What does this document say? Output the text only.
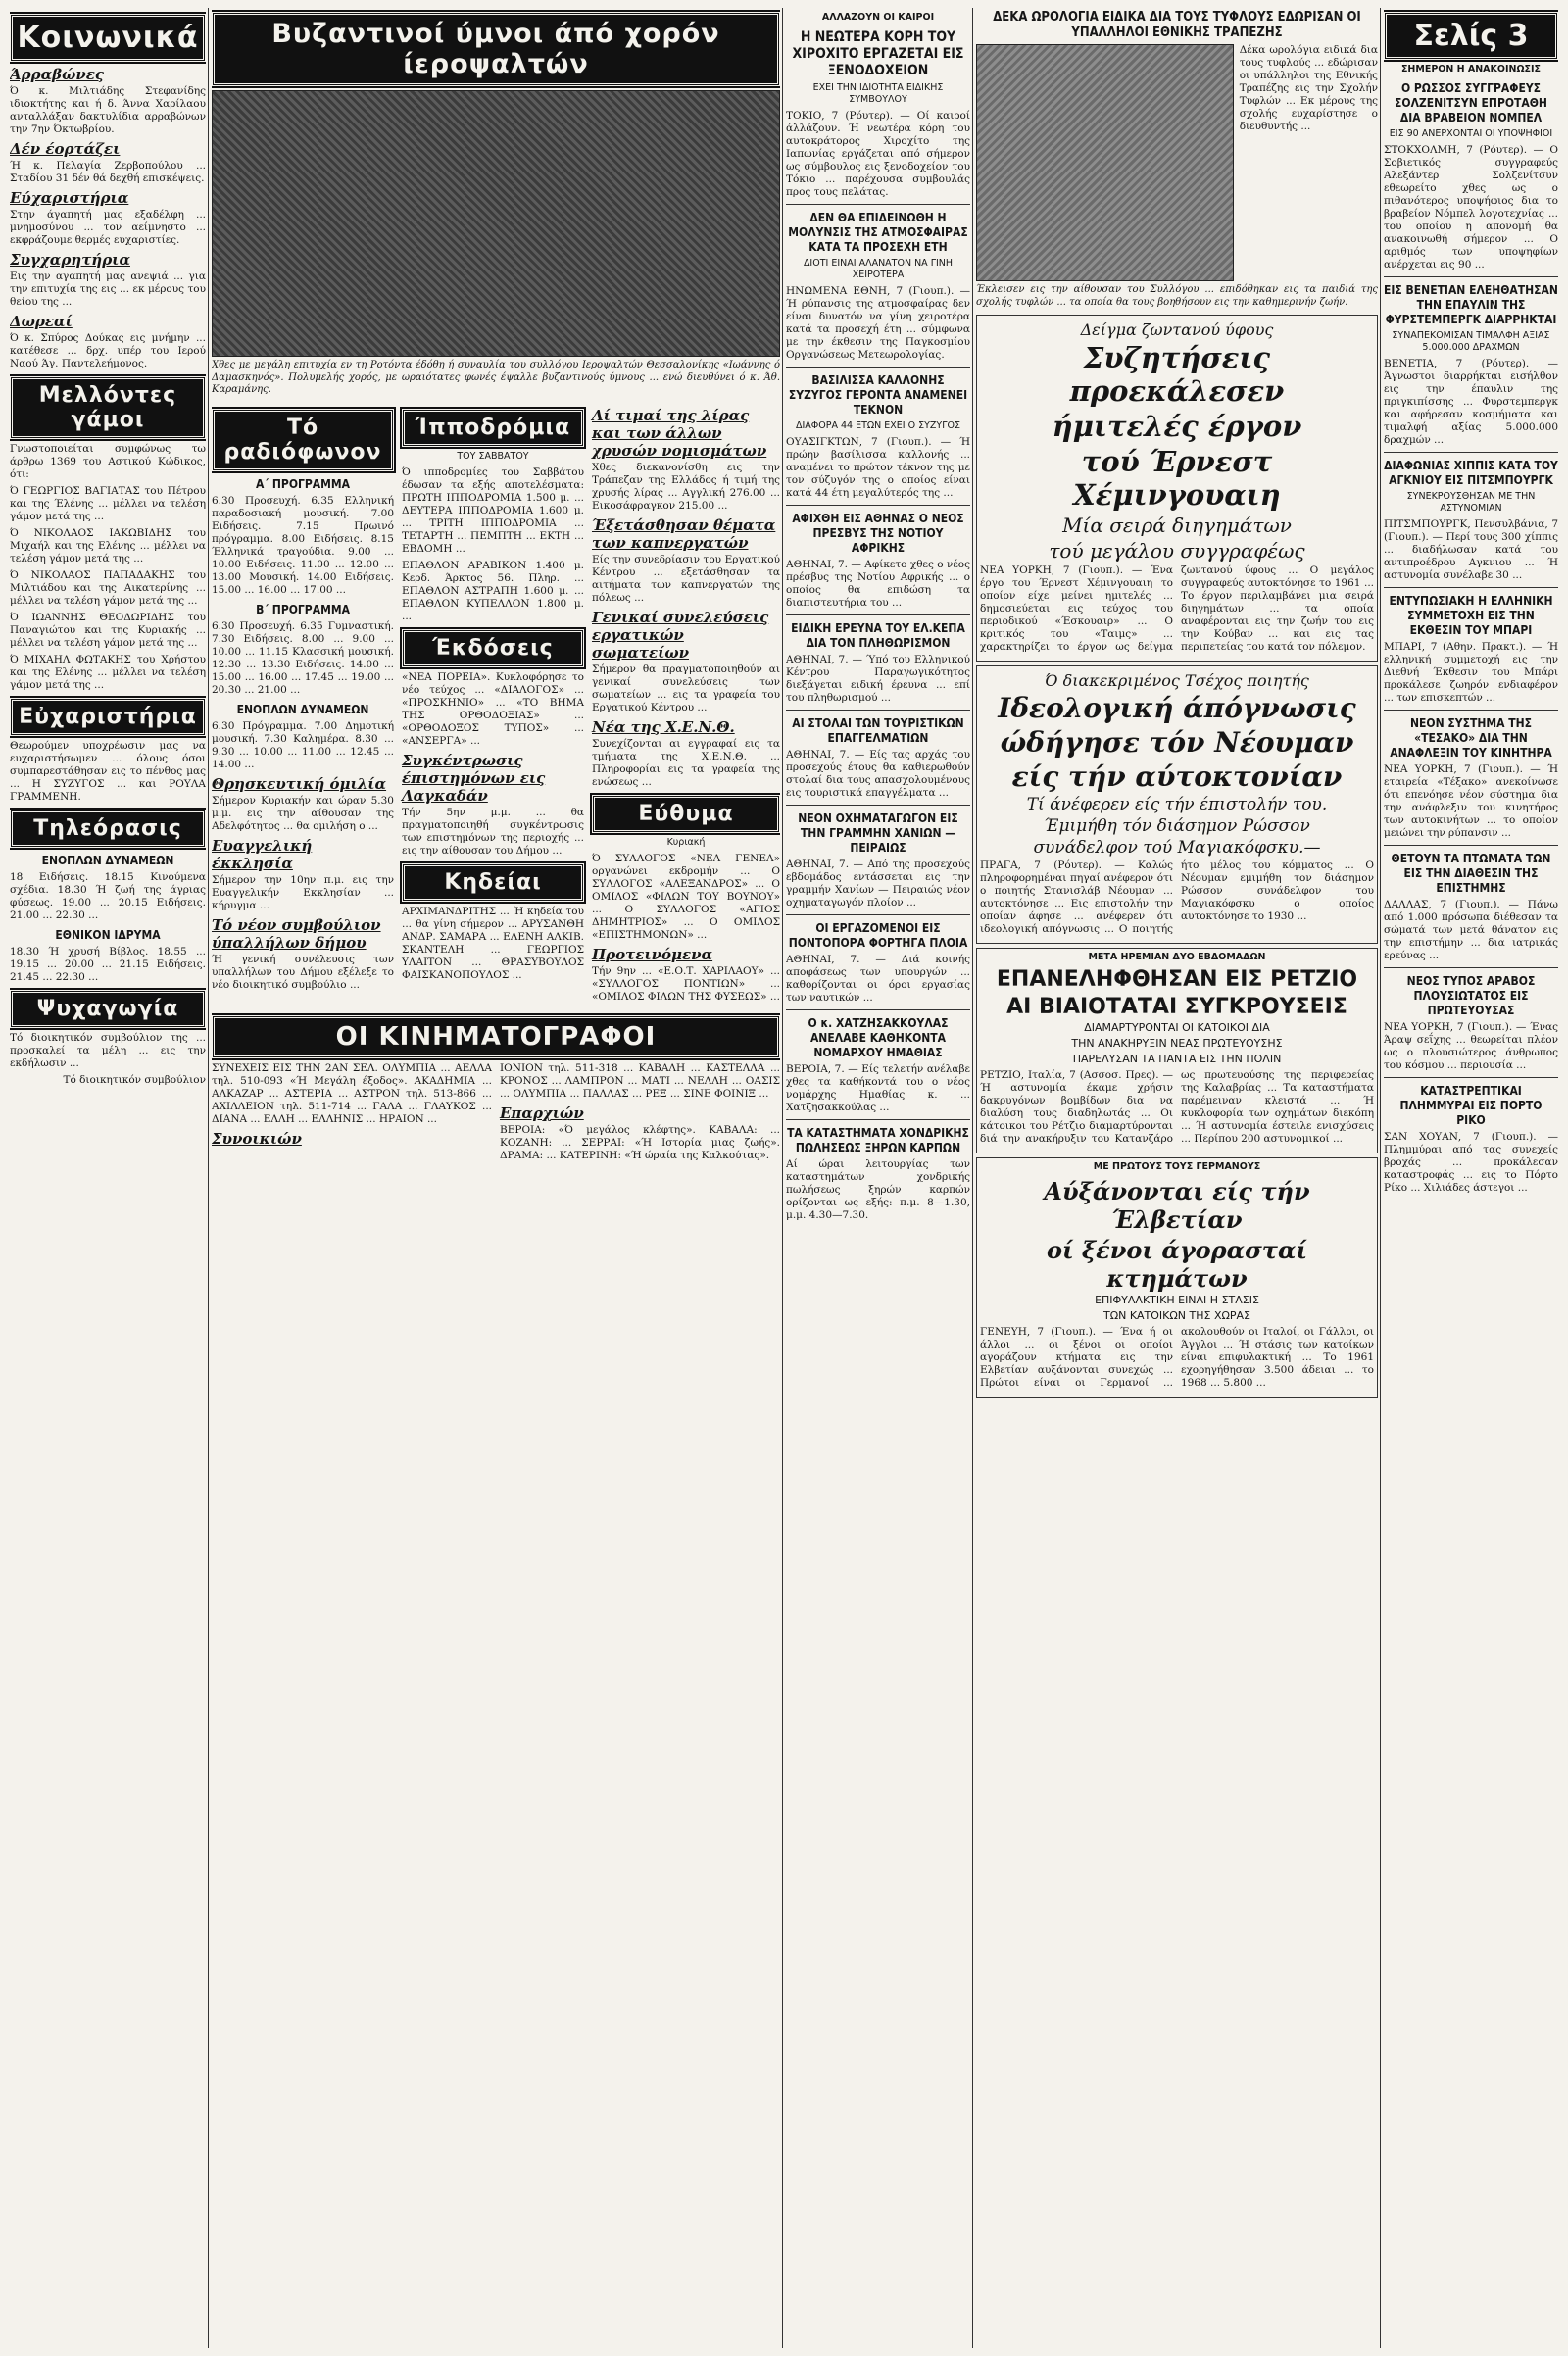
Κοινωνικά
Άρραβώνες

Ό κ. Μιλτιάδης Στεφανίδης ιδιοκτήτης και ή δ. Άννα Χαρίλαου ανταλλάξαν δακτυλίδια αρραβώνων την 7ην Όκτωβρίου.

Δέν έορτάζει

Ή κ. Πελαγία Ζερβοπούλου ... Σταδίου 31 δέν θά δεχθή επισκέψεις.

Εύχαριστήρια

Στην άγαπητή μας εξαδέλφη ... μνημοσύνου ... τον αείμνηστο ... εκφράζουμε θερμές ευχαριστίες.

Συγχαρητήρια

Εις την αγαπητή μας ανεψιά ... για την επιτυχία της εις ... εκ μέρους του θείου της ...

Δωρεαί

Ό κ. Σπύρος Δούκας εις μνήμην ... κατέθεσε ... δρχ. υπέρ του Ιερού Ναού Άγ. Παντελεήμονος.

Μελλόντες γάμοι

Γνωστοποιείται συμφώνως τω άρθρω 1369 του Αστικού Κώδικος, ότι:

Ό ΓΕΩΡΓΙΟΣ ΒΑΓΙΑΤΑΣ του Πέτρου και της Έλένης ... μέλλει να τελέση γάμον μετά της ...

Ό ΝΙΚΟΛΑΟΣ ΙΑΚΩΒΙΔΗΣ του Μιχαήλ και της Ελένης ... μέλλει να τελέση γάμον μετά της ...

Ό ΝΙΚΟΛΑΟΣ ΠΑΠΑΔΑΚΗΣ του Μιλτιάδου και της Αικατερίνης ... μέλλει να τελέση γάμον μετά της ...

Ό ΙΩΑΝΝΗΣ ΘΕΟΔΩΡΙΔΗΣ του Παναγιώτου και της Κυριακής ... μέλλει να τελέση γάμον μετά της ...

Ό ΜΙΧΑΗΛ ΦΩΤΑΚΗΣ του Χρήστου και της Ελένης ... μέλλει να τελέση γάμον μετά της ...

Εὐχαριστήρια

Θεωρούμεν υποχρέωσιν μας να ευχαριστήσωμεν ... όλους όσοι συμπαρεστάθησαν εις το πένθος μας ... Η ΣΥΖΥΓΟΣ ... και ΡΟΥΛΑ ΓΡΑΜΜΕΝΗ.

Τηλεόρασις
ΕΝΟΠΛΩΝ ΔΥΝΑΜΕΩΝ

18 Ειδήσεις. 18.15 Κινούμενα σχέδια. 18.30 Ή ζωή της άγριας φύσεως. 19.00 ... 20.15 Ειδήσεις. 21.00 ... 22.30 ...

ΕΘΝΙΚΟΝ ΙΔΡΥΜΑ

18.30 Ή χρυσή Βίβλος. 18.55 ... 19.15 ... 20.00 ... 21.15 Ειδήσεις. 21.45 ... 22.30 ...

Ψυχαγωγία

Τό διοικητικόν συμβούλιον της ... προσκαλεί τα μέλη ... εις την εκδήλωσιν ...

Τό διοικητικόν συμβούλιον

Βυζαντινοί ύμνοι άπό χορόν ίεροψαλτών

Χθες με μεγάλη επιτυχία εν τη Ροτόντα έδόθη ή συναυλία του συλλόγου Ιεροψαλτών Θεσσαλονίκης «Ιωάννης ό Δαμασκηνός». Πολυμελής χορός, με ωραιότατες φωνές έψαλλε βυζαντινούς ύμνους ... ενώ διευθύνει ό κ. Άθ. Καραμάνης.

Τό ραδιόφωνον
Α΄ ΠΡΟΓΡΑΜΜΑ

6.30 Προσευχή. 6.35 Ελληνική παραδοσιακή μουσική. 7.00 Ειδήσεις. 7.15 Πρωινό πρόγραμμα. 8.00 Ειδήσεις. 8.15 Έλληνικά τραγούδια. 9.00 ... 10.00 Ειδήσεις. 11.00 ... 12.00 ... 13.00 Μουσική. 14.00 Ειδήσεις. 15.00 ... 16.00 ... 17.00 ...

Β΄ ΠΡΟΓΡΑΜΜΑ

6.30 Προσευχή. 6.35 Γυμναστική. 7.30 Ειδήσεις. 8.00 ... 9.00 ... 10.00 ... 11.15 Κλασσική μουσική. 12.30 ... 13.30 Ειδήσεις. 14.00 ... 15.00 ... 16.00 ... 17.45 ... 19.00 ... 20.30 ... 21.00 ...

ΕΝΟΠΛΩΝ ΔΥΝΑΜΕΩΝ

6.30 Πρόγραμμα. 7.00 Δημοτική μουσική. 7.30 Καλημέρα. 8.30 ... 9.30 ... 10.00 ... 11.00 ... 12.45 ... 14.00 ...

Θρησκευτική όμιλία

Σήμερον Κυριακήν και ώραν 5.30 μ.μ. εις την αίθουσαν της Αδελφότητος ... θα ομιλήση ο ...

Ευαγγελική έκκλησία

Σήμερον την 10ην π.μ. εις την Ευαγγελικήν Εκκλησίαν ... κήρυγμα ...

Τό νέον συμβούλιον ύπαλλήλων δήμου

Ή γενική συνέλευσις των υπαλλήλων του Δήμου εξέλεξε το νέο διοικητικό συμβούλιο ...

Ίπποδρόμια
ΤΟΥ ΣΑΒΒΑΤΟΥ

Ό ιπποδρομίες του Σαββάτου έδωσαν τα εξής αποτελέσματα: ΠΡΩΤΗ ΙΠΠΟΔΡΟΜΙΑ 1.500 μ. ... ΔΕΥΤΕΡΑ ΙΠΠΟΔΡΟΜΙΑ 1.600 μ. ... ΤΡΙΤΗ ΙΠΠΟΔΡΟΜΙΑ ... ΤΕΤΑΡΤΗ ... ΠΕΜΠΤΗ ... ΕΚΤΗ ... ΕΒΔΟΜΗ ...

ΕΠΑΘΛΟΝ ΑΡΑΒΙΚΟΝ 1.400 μ. Κερδ. Άρκτος 56. Πληρ. ... ΕΠΑΘΛΟΝ ΑΣΤΡΑΠΗ 1.600 μ. ... ΕΠΑΘΛΟΝ ΚΥΠΕΛΛΟΝ 1.800 μ. ...

Έκδόσεις

«ΝΕΑ ΠΟΡΕΙΑ». Κυκλοφόρησε το νέο τεύχος ... «ΔΙΑΛΟΓΟΣ» ... «ΠΡΟΣΚΗΝΙΟ» ... «ΤΟ ΒΗΜΑ ΤΗΣ ΟΡΘΟΔΟΞΙΑΣ» ... «ΟΡΘΟΔΟΞΟΣ ΤΥΠΟΣ» ... «ΑΝΣΕΡΓΑ» ...

Συγκέντρωσις έπιστημόνων εις Λαγκαδάν

Τήν 5ην μ.μ. ... θα πραγματοποιηθή συγκέντρωσις των επιστημόνων της περιοχής ... εις την αίθουσαν του Δήμου ...

Κηδείαι

ΑΡΧΙΜΑΝΔΡΙΤΗΣ ... Ή κηδεία του ... θα γίνη σήμερον ... ΑΡΥΣΑΝΘΗ ΑΝΔΡ. ΣΑΜΑΡΑ ... ΕΛΕΝΗ ΑΛΚΙΒ. ΣΚΑΝΤΕΛΗ ... ΓΕΩΡΓΙΟΣ ΥΛΑΙΤΟΝ ... ΘΡΑΣΥΒΟΥΛΟΣ ΦΑΙΣΚΑΝΟΠΟΥΛΟΣ ...

Αί τιμαί της λίρας και των άλλων χρυσών νομισμάτων

Χθες διεκανονίσθη εις την Τράπεζαν της Ελλάδος ή τιμή της χρυσής λίρας ... Αγγλική 276.00 ... Εικοσάφραγκον 215.00 ...

Έξετάσθησαν θέματα των καπνεργατών

Είς την συνεδρίασιν του Εργατικού Κέντρου ... εξετάσθησαν τα αιτήματα των καπνεργατών της πόλεως ...

Γενικαί συνελεύσεις εργατικών σωματείων

Σήμερον θα πραγματοποιηθούν αι γενικαί συνελεύσεις των σωματείων ... εις τα γραφεία του Εργατικού Κέντρου ...

Νέα της Χ.Ε.Ν.Θ.

Συνεχίζονται αι εγγραφαί εις τα τμήματα της Χ.Ε.Ν.Θ. ... Πληροφορίαι εις τα γραφεία της ενώσεως ...

Εύθυμα
Κυριακή

Ό ΣΥΛΛΟΓΟΣ «ΝΕΑ ΓΕΝΕΑ» οργανώνει εκδρομήν ... Ο ΣΥΛΛΟΓΟΣ «ΑΛΕΞΑΝΔΡΟΣ» ... Ο ΟΜΙΛΟΣ «ΦΙΛΩΝ ΤΟΥ ΒΟΥΝΟΥ» ... Ο ΣΥΛΛΟΓΟΣ «ΑΓΙΟΣ ΔΗΜΗΤΡΙΟΣ» ... Ο ΟΜΙΛΟΣ «ΕΠΙΣΤΗΜΟΝΩΝ» ...

Προτεινόμενα

Τήν 9ην ... «Ε.Ο.Τ. ΧΑΡΙΛΑΟΥ» ... «ΣΥΛΛΟΓΟΣ ΠΟΝΤΙΩΝ» ... «ΟΜΙΛΟΣ ΦΙΛΩΝ ΤΗΣ ΦΥΣΕΩΣ» ...

ΟΙ ΚΙΝΗΜΑΤΟΓΡΑΦΟΙ

ΣΥΝΕΧΕΙΣ ΕΙΣ ΤΗΝ 2ΑΝ ΣΕΛ. ΟΛΥΜΠΙΑ ... ΑΕΛΛΑ τηλ. 510-093 «Ή Μεγάλη έξοδος». ΑΚΑΔΗΜΙΑ ... ΑΛΚΑΖΑΡ ... ΑΣΤΕΡΙΑ ... ΑΣΤΡΟΝ τηλ. 513-866 ... ΑΧΙΛΛΕΙΟΝ τηλ. 511-714 ... ΓΑΛΑ ... ΓΛΑΥΚΟΣ ... ΔΙΑΝΑ ... ΕΛΛΗ ... ΕΛΛΗΝΙΣ ... ΗΡΑΙΟΝ ...

Συνοικιών

ΙΟΝΙΟΝ τηλ. 511-318 ... ΚΑΒΑΛΗ ... ΚΑΣΤΕΛΛΑ ... ΚΡΟΝΟΣ ... ΛΑΜΠΡΟΝ ... ΜΑΤΙ ... ΝΕΛΛΗ ... ΟΑΣΙΣ ... ΟΛΥΜΠΙΑ ... ΠΑΛΛΑΣ ... ΡΕΞ ... ΣΙΝΕ ΦΟΙΝΙΞ ...

Επαρχιών

ΒΕΡΟΙΑ: «Ό μεγάλος κλέφτης». ΚΑΒΑΛΑ: ... ΚΟΖΑΝΗ: ... ΣΕΡΡΑΙ: «Ή Ιστορία μιας ζωής». ΔΡΑΜΑ: ... ΚΑΤΕΡΙΝΗ: «Ή ώραία της Καλκούτας».

ΑΛΛΑΖΟΥΝ ΟΙ ΚΑΙΡΟΙ
Η ΝΕΩΤΕΡΑ ΚΟΡΗ ΤΟΥ ΧΙΡΟΧΙΤΟ ΕΡΓΑΖΕΤΑΙ ΕΙΣ ΞΕΝΟΔΟΧΕΙΟΝ
ΕΧΕΙ ΤΗΝ ΙΔΙΟΤΗΤΑ ΕΙΔΙΚΗΣ ΣΥΜΒΟΥΛΟΥ

ΤΟΚΙΟ, 7 (Ρόυτερ). — Οί καιροί άλλάζουν. Ή νεωτέρα κόρη του αυτοκράτορος Χιροχίτο της Ιαπωνίας εργάζεται από σήμερον ως σύμβουλος εις ξενοδοχείον του Τόκιο ... παρέχουσα συμβουλάς προς τους πελάτας.

ΔΕΝ ΘΑ ΕΠΙΔΕΙΝΩΘΗ Η ΜΟΛΥΝΣΙΣ ΤΗΣ ΑΤΜΟΣΦΑΙΡΑΣ ΚΑΤΑ ΤΑ ΠΡΟΣΕΧΗ ΕΤΗ
ΔΙΟΤΙ ΕΙΝΑΙ ΑΛΑΝΑΤΟΝ ΝΑ ΓΙΝΗ ΧΕΙΡΟΤΕΡΑ

ΗΝΩΜΕΝΑ ΕΘΝΗ, 7 (Γιουπ.). — Ή ρύπανσις της ατμοσφαίρας δεν είναι δυνατόν να γίνη χειροτέρα κατά τα προσεχή έτη ... σύμφωνα με την έκθεσιν της Παγκοσμίου Οργανώσεως Μετεωρολογίας.

ΒΑΣΙΛΙΣΣΑ ΚΑΛΛΟΝΗΣ ΣΥΖΥΓΟΣ ΓΕΡΟΝΤΑ ΑΝΑΜΕΝΕΙ ΤΕΚΝΟΝ
ΔΙΑΦΟΡΑ 44 ΕΤΩΝ ΕΧΕΙ Ο ΣΥΖΥΓΟΣ

ΟΥΑΣΙΓΚΤΩΝ, 7 (Γιουπ.). — Ή πρώην βασίλισσα καλλονής ... αναμένει το πρώτον τέκνον της με τον σύζυγόν της ο οποίος είναι κατά 44 έτη μεγαλύτερός της ...

ΑΦΙΧΘΗ ΕΙΣ ΑΘΗΝΑΣ Ο ΝΕΟΣ ΠΡΕΣΒΥΣ ΤΗΣ ΝΟΤΙΟΥ ΑΦΡΙΚΗΣ

ΑΘΗΝΑΙ, 7. — Αφίκετο χθες ο νέος πρέσβυς της Νοτίου Αφρικής ... ο οποίος θα επιδώση τα διαπιστευτήρια του ...

ΕΙΔΙΚΗ ΕΡΕΥΝΑ ΤΟΥ ΕΛ.ΚΕΠΑ ΔΙΑ ΤΟΝ ΠΛΗΘΩΡΙΣΜΟΝ

ΑΘΗΝΑΙ, 7. — Ύπό του Ελληνικού Κέντρου Παραγωγικότητος διεξάγεται ειδική έρευνα ... επί του πληθωρισμού ...

ΑΙ ΣΤΟΛΑΙ ΤΩΝ ΤΟΥΡΙΣΤΙΚΩΝ ΕΠΑΓΓΕΛΜΑΤΙΩΝ

ΑΘΗΝΑΙ, 7. — Είς τας αρχάς του προσεχούς έτους θα καθιερωθούν στολαί δια τους απασχολουμένους εις τουριστικά επαγγέλματα ...

ΝΕΟΝ ΟΧΗΜΑΤΑΓΩΓΟΝ ΕΙΣ ΤΗΝ ΓΡΑΜΜΗΝ ΧΑΝΙΩΝ — ΠΕΙΡΑΙΩΣ

ΑΘΗΝΑΙ, 7. — Από της προσεχούς εβδομάδος εντάσσεται εις την γραμμήν Χανίων — Πειραιώς νέον οχηματαγωγόν πλοίον ...

ΟΙ ΕΡΓΑΖΟΜΕΝΟΙ ΕΙΣ ΠΟΝΤΟΠΟΡΑ ΦΟΡΤΗΓΑ ΠΛΟΙΑ

ΑΘΗΝΑΙ, 7. — Διά κοινής αποφάσεως των υπουργών ... καθορίζονται οι όροι εργασίας των ναυτικών ...

Ο κ. ΧΑΤΖΗΣΑΚΚΟΥΛΑΣ ΑΝΕΛΑΒΕ ΚΑΘΗΚΟΝΤΑ ΝΟΜΑΡΧΟΥ ΗΜΑΘΙΑΣ

ΒΕΡΟΙΑ, 7. — Είς τελετήν ανέλαβε χθες τα καθήκοντά του ο νέος νομάρχης Ημαθίας κ. ... Χατζησακκούλας ...

ΤΑ ΚΑΤΑΣΤΗΜΑΤΑ ΧΟΝΔΡΙΚΗΣ ΠΩΛΗΣΕΩΣ ΞΗΡΩΝ ΚΑΡΠΩΝ

Αί ώραι λειτουργίας των καταστημάτων χονδρικής πωλήσεως ξηρών καρπών ορίζονται ως εξής: π.μ. 8—1.30, μ.μ. 4.30—7.30.

ΔΕΚΑ ΩΡΟΛΟΓΙΑ ΕΙΔΙΚΑ ΔΙΑ ΤΟΥΣ ΤΥΦΛΟΥΣ ΕΔΩΡΙΣΑΝ ΟΙ ΥΠΑΛΛΗΛΟΙ ΕΘΝΙΚΗΣ ΤΡΑΠΕΖΗΣ

Δέκα ωρολόγια ειδικά δια τους τυφλούς ... εδώρισαν οι υπάλληλοι της Εθνικής Τραπέζης εις την Σχολήν Τυφλών ... Εκ μέρους της σχολής ευχαρίστησε ο διευθυντής ...

Έκλεισεν εις την αίθουσαν του Συλλόγου ... επιδόθηκαν εις τα παιδιά της σχολής τυφλών ... τα οποία θα τους βοηθήσουν εις την καθημερινήν ζωήν.

Δείγμα ζωντανού ύφους
Συζητήσεις προεκάλεσεν
ήμιτελές έργον
τού Έρνεστ Χέμινγουαιη
Μία σειρά διηγημάτων
τού μεγάλου συγγραφέως

ΝΕΑ ΥΟΡΚΗ, 7 (Γιουπ.). — Ένα έργο του Έρνεστ Χέμινγουαιη το οποίον είχε μείνει ημιτελές ... δημοσιεύεται εις τεύχος του περιοδικού «Έσκουαιρ» ... Ο κριτικός του «Ταιμς» ... χαρακτηρίζει το έργον ως δείγμα ζωντανού ύφους ... Ο μεγάλος συγγραφεύς αυτοκτόνησε το 1961 ... Το έργον περιλαμβάνει μια σειρά διηγημάτων ... τα οποία αναφέρονται εις την ζωήν του εις την Κούβαν ... και εις τας περιπετείας του κατά τον πόλεμον.

Ό διακεκριμένος Τσέχος ποιητής
Ιδεολογική άπόγνωσις
ώδήγησε τόν Νέουμαν
είς τήν αύτοκτονίαν
Τί άνέφερεν είς τήν έπιστολήν του.
Έμιμήθη τόν διάσημον Ρώσσον
συνάδελφον τού Μαγιακόφσκυ.—

ΠΡΑΓΑ, 7 (Ρόυτερ). — Καλώς πληροφορημέναι πηγαί ανέφερον ότι ο ποιητής Στανισλάβ Νέουμαν ... αυτοκτόνησε ... Εις επιστολήν την οποίαν άφησε ... ανέφερεν ότι ιδεολογική απόγνωσις ... Ο ποιητής ήτο μέλος του κόμματος ... Ο Νέουμαν εμιμήθη τον διάσημον Ρώσσον συνάδελφον του Μαγιακόφσκυ ο οποίος αυτοκτόνησε το 1930 ...

ΜΕΤΑ ΗΡΕΜΙΑΝ ΔΥΟ ΕΒΔΟΜΑΔΩΝ
ΕΠΑΝΕΛΗΦΘΗΣΑΝ ΕΙΣ ΡΕΤΖΙΟ
ΑΙ ΒΙΑΙΟΤΑΤΑΙ ΣΥΓΚΡΟΥΣΕΙΣ
ΔΙΑΜΑΡΤΥΡΟΝΤΑΙ ΟΙ ΚΑΤΟΙΚΟΙ ΔΙΑ
ΤΗΝ ΑΝΑΚΗΡΥΞΙΝ ΝΕΑΣ ΠΡΩΤΕΥΟΥΣΗΣ
ΠΑΡΕΛΥΣΑΝ ΤΑ ΠΑΝΤΑ ΕΙΣ ΤΗΝ ΠΟΛΙΝ

ΡΕΤΖΙΟ, Ιταλία, 7 (Ασσοσ. Πρες). — Ή αστυνομία έκαμε χρήσιν δακρυγόνων βομβίδων δια να διαλύση τους διαδηλωτάς ... Οι κάτοικοι του Ρέτζιο διαμαρτύρονται διά την ανακήρυξιν του Κατανζάρο ως πρωτευούσης της περιφερείας της Καλαβρίας ... Τα καταστήματα παρέμειναν κλειστά ... Ή κυκλοφορία των οχημάτων διεκόπη ... Ή αστυνομία έστειλε ενισχύσεις ... Περίπου 200 αστυνομικοί ...

ΜΕ ΠΡΩΤΟΥΣ ΤΟΥΣ ΓΕΡΜΑΝΟΥΣ
Αύξάνονται είς τήν Έλβετίαν
οί ξένοι άγορασταί κτημάτων
ΕΠΙΦΥΛΑΚΤΙΚΗ ΕΙΝΑΙ Η ΣΤΑΣΙΣ
ΤΩΝ ΚΑΤΟΙΚΩΝ ΤΗΣ ΧΩΡΑΣ

ΓΕΝΕΥΗ, 7 (Γιουπ.). — Ένα ή οι άλλοι ... οι ξένοι οι οποίοι αγοράζουν κτήματα εις την Ελβετίαν αυξάνονται συνεχώς ... Πρώτοι είναι οι Γερμανοί ... ακολουθούν οι Ιταλοί, οι Γάλλοι, οι Άγγλοι ... Ή στάσις των κατοίκων είναι επιφυλακτική ... Το 1961 εχορηγήθησαν 3.500 άδειαι ... το 1968 ... 5.800 ...

Σελίς 3
ΣΗΜΕΡΟΝ Η ΑΝΑΚΟΙΝΩΣΙΣ
Ο ΡΩΣΣΟΣ ΣΥΓΓΡΑΦΕΥΣ ΣΟΛΖΕΝΙΤΣΥΝ ΕΠΡΟΤΑΘΗ ΔΙΑ ΒΡΑΒΕΙΟΝ ΝΟΜΠΕΛ
ΕΙΣ 90 ΑΝΕΡΧΟΝΤΑΙ ΟΙ ΥΠΟΨΗΦΙΟΙ

ΣΤΟΚΧΟΛΜΗ, 7 (Ρόυτερ). — Ο Σοβιετικός συγγραφεύς Αλεξάντερ Σολζενίτσυν εθεωρείτο χθες ως ο πιθανότερος υποψήφιος δια το βραβείον Νόμπελ λογοτεχνίας ... του οποίου η απονομή θα ανακοινωθή σήμερον ... Ο αριθμός των υποψηφίων ανέρχεται εις 90 ...

ΕΙΣ ΒΕΝΕΤΙΑΝ ΕΛΕΗΘΑΤΗΣΑΝ ΤΗΝ ΕΠΑΥΛΙΝ ΤΗΣ ΦΥΡΣΤΕΜΠΕΡΓΚ ΔΙΑΡΡΗΚΤΑΙ
ΣΥΝΑΠΕΚΟΜΙΣΑΝ ΤΙΜΑΛΦΗ ΑΞΙΑΣ 5.000.000 ΔΡΑΧΜΩΝ

ΒΕΝΕΤΙΑ, 7 (Ρόυτερ). — Άγνωστοι διαρρήκται εισήλθον εις την έπαυλιν της πριγκιπίσσης ... Φυρστεμπεργκ και αφήρεσαν κοσμήματα και τιμαλφή αξίας 5.000.000 δραχμών ...

ΔΙΑΦΩΝΙΑΣ ΧΙΠΠΙΣ ΚΑΤΑ ΤΟΥ ΑΓΚΝΙΟΥ ΕΙΣ ΠΙΤΣΜΠΟΥΡΓΚ
ΣΥΝΕΚΡΟΥΣΘΗΣΑΝ ΜΕ ΤΗΝ ΑΣΤΥΝΟΜΙΑΝ

ΠΙΤΣΜΠΟΥΡΓΚ, Πενσυλβάνια, 7 (Γιουπ.). — Περί τους 300 χίππις ... διαδήλωσαν κατά του αντιπροέδρου Αγκνιου ... Ή αστυνομία συνέλαβε 30 ...

ΕΝΤΥΠΩΣΙΑΚΗ Η ΕΛΛΗΝΙΚΗ ΣΥΜΜΕΤΟΧΗ ΕΙΣ ΤΗΝ ΕΚΘΕΣΙΝ ΤΟΥ ΜΠΑΡΙ

ΜΠΑΡΙ, 7 (Αθην. Πρακτ.). — Ή ελληνική συμμετοχή εις την Διεθνή Έκθεσιν του Μπάρι προκάλεσε ζωηρόν ενδιαφέρον ... των επισκεπτών ...

ΝΕΟΝ ΣΥΣΤΗΜΑ ΤΗΣ «ΤΕΣΑΚΟ» ΔΙΑ ΤΗΝ ΑΝΑΦΛΕΞΙΝ ΤΟΥ ΚΙΝΗΤΗΡΑ

ΝΕΑ ΥΟΡΚΗ, 7 (Γιουπ.). — Ή εταιρεία «Τέξακο» ανεκοίνωσε ότι επενόησε νέον σύστημα δια την ανάφλεξιν του κινητήρος των αυτοκινήτων ... το οποίον μειώνει την ρύπανσιν ...

ΘΕΤΟΥΝ ΤΑ ΠΤΩΜΑΤΑ ΤΩΝ ΕΙΣ ΤΗΝ ΔΙΑΘΕΣΙΝ ΤΗΣ ΕΠΙΣΤΗΜΗΣ

ΔΑΛΛΑΣ, 7 (Γιουπ.). — Πάνω από 1.000 πρόσωπα διέθεσαν τα σώματά των μετά θάνατον εις την επιστήμην ... δια ιατρικάς ερεύνας ...

ΝΕΟΣ ΤΥΠΟΣ ΑΡΑΒΟΣ ΠΛΟΥΣΙΩΤΑΤΟΣ ΕΙΣ ΠΡΩΤΕΥΟΥΣΑΣ

ΝΕΑ ΥΟΡΚΗ, 7 (Γιουπ.). — Ένας Άραψ σεΐχης ... θεωρείται πλέον ως ο πλουσιώτερος άνθρωπος του κόσμου ... περιουσία ...

ΚΑΤΑΣΤΡΕΠΤΙΚΑΙ ΠΛΗΜΜΥΡΑΙ ΕΙΣ ΠΟΡΤΟ ΡΙΚΟ

ΣΑΝ ΧΟΥΑΝ, 7 (Γιουπ.). — Πλημμύραι από τας συνεχείς βροχάς ... προκάλεσαν καταστροφάς ... εις το Πόρτο Ρίκο ... Χιλιάδες άστεγοι ...
